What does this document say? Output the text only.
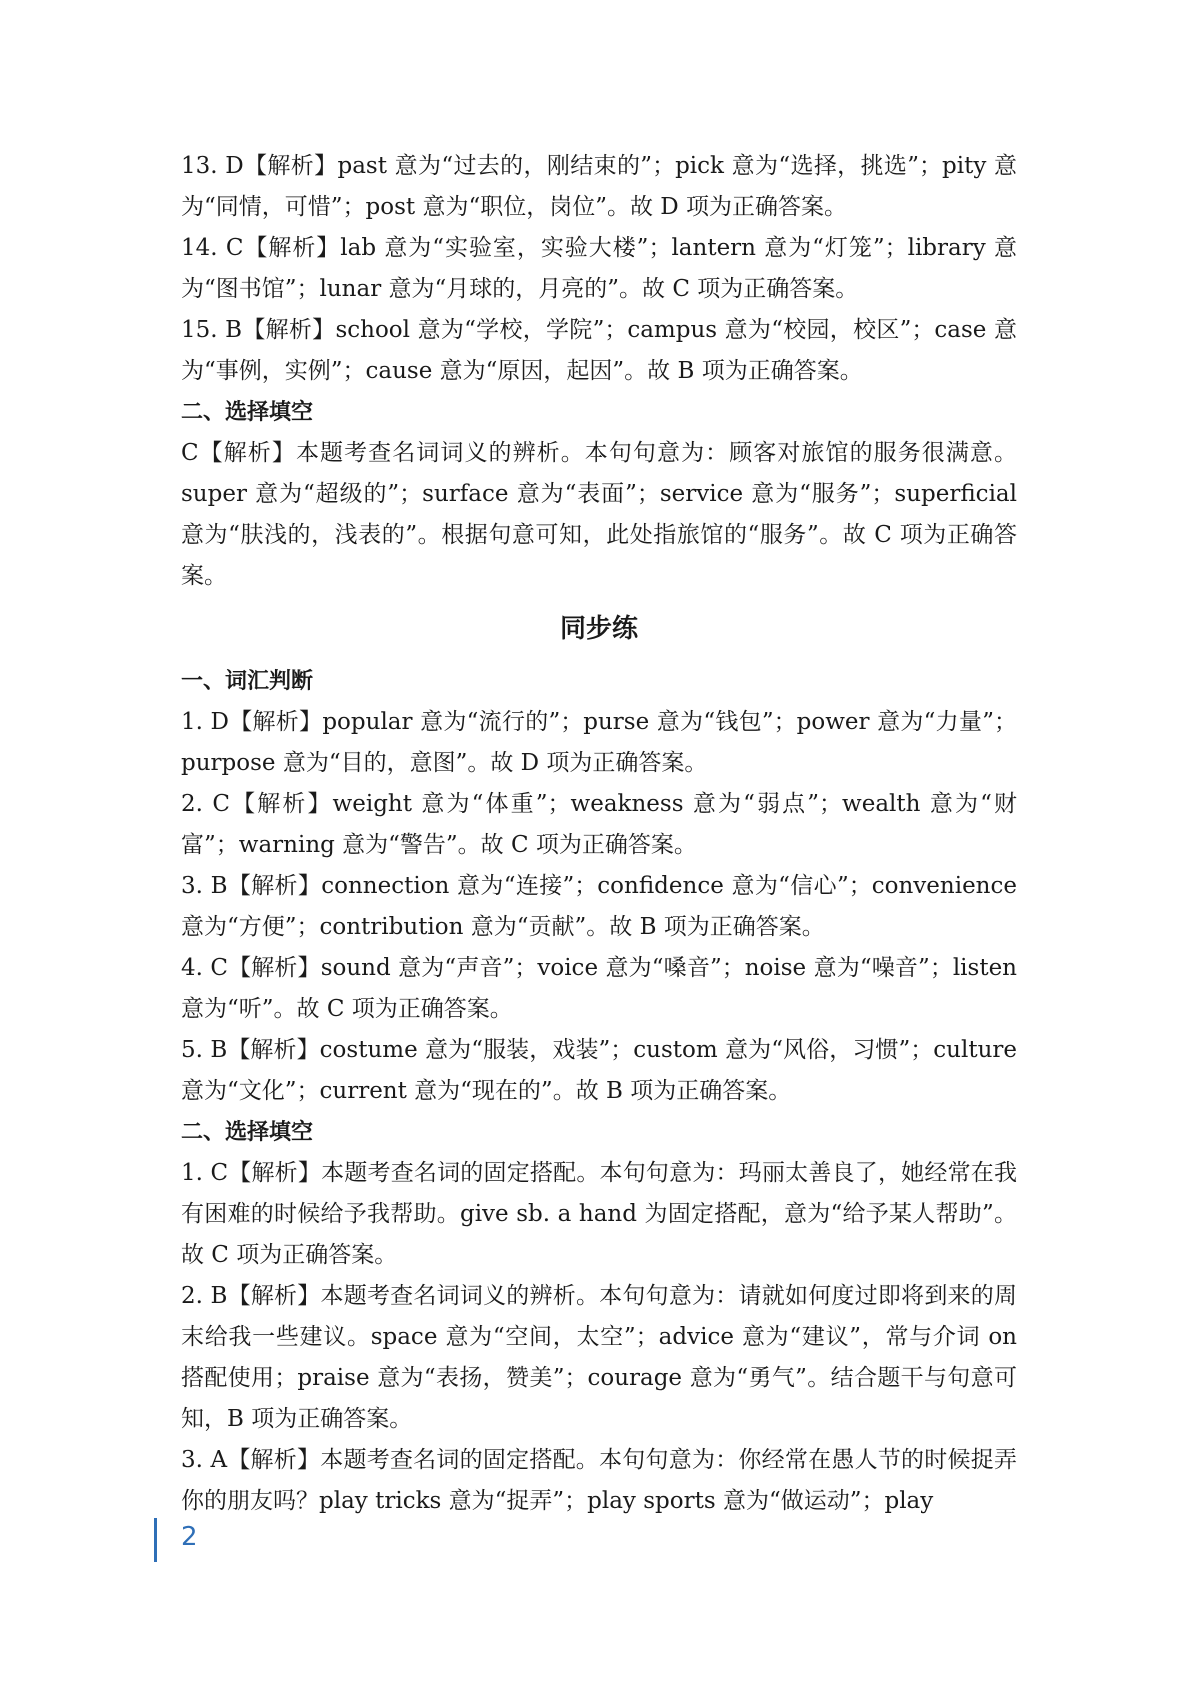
13. D【解析】past 意为“过去的，刚结束的”；pick 意为“选择，挑选”；pity 意为“同情，可惜”；post 意为“职位，岗位”。故 D 项为正确答案。

14. C【解析】lab 意为“实验室，实验大楼”；lantern 意为“灯笼”；library 意为“图书馆”；lunar 意为“月球的，月亮的”。故 C 项为正确答案。

15. B【解析】school 意为“学校，学院”；campus 意为“校园，校区”；case 意为“事例，实例”；cause 意为“原因，起因”。故 B 项为正确答案。

二、选择填空

C【解析】本题考查名词词义的辨析。本句句意为：顾客对旅馆的服务很满意。super 意为“超级的”；surface 意为“表面”；service 意为“服务”；superficial 意为“肤浅的，浅表的”。根据句意可知，此处指旅馆的“服务”。故 C 项为正确答案。

同步练

一、词汇判断

1. D【解析】popular 意为“流行的”；purse 意为“钱包”；power 意为“力量”；purpose 意为“目的，意图”。故 D 项为正确答案。

2. C【解析】weight 意为“体重”；weakness 意为“弱点”；wealth 意为“财富”；warning 意为“警告”。故 C 项为正确答案。

3. B【解析】connection 意为“连接”；confidence 意为“信心”；convenience 意为“方便”；contribution 意为“贡献”。故 B 项为正确答案。

4. C【解析】sound 意为“声音”；voice 意为“嗓音”；noise 意为“噪音”；listen 意为“听”。故 C 项为正确答案。

5. B【解析】costume 意为“服装，戏装”；custom 意为“风俗，习惯”；culture 意为“文化”；current 意为“现在的”。故 B 项为正确答案。

二、选择填空

1. C【解析】本题考查名词的固定搭配。本句句意为：玛丽太善良了，她经常在我有困难的时候给予我帮助。give sb. a hand 为固定搭配，意为“给予某人帮助”。故 C 项为正确答案。

2. B【解析】本题考查名词词义的辨析。本句句意为：请就如何度过即将到来的周末给我一些建议。space 意为“空间，太空”；advice 意为“建议”，常与介词 on 搭配使用；praise 意为“表扬，赞美”；courage 意为“勇气”。结合题干与句意可知，B 项为正确答案。

3. A【解析】本题考查名词的固定搭配。本句句意为：你经常在愚人节的时候捉弄你的朋友吗？play tricks 意为“捉弄”；play sports 意为“做运动”；play

2
